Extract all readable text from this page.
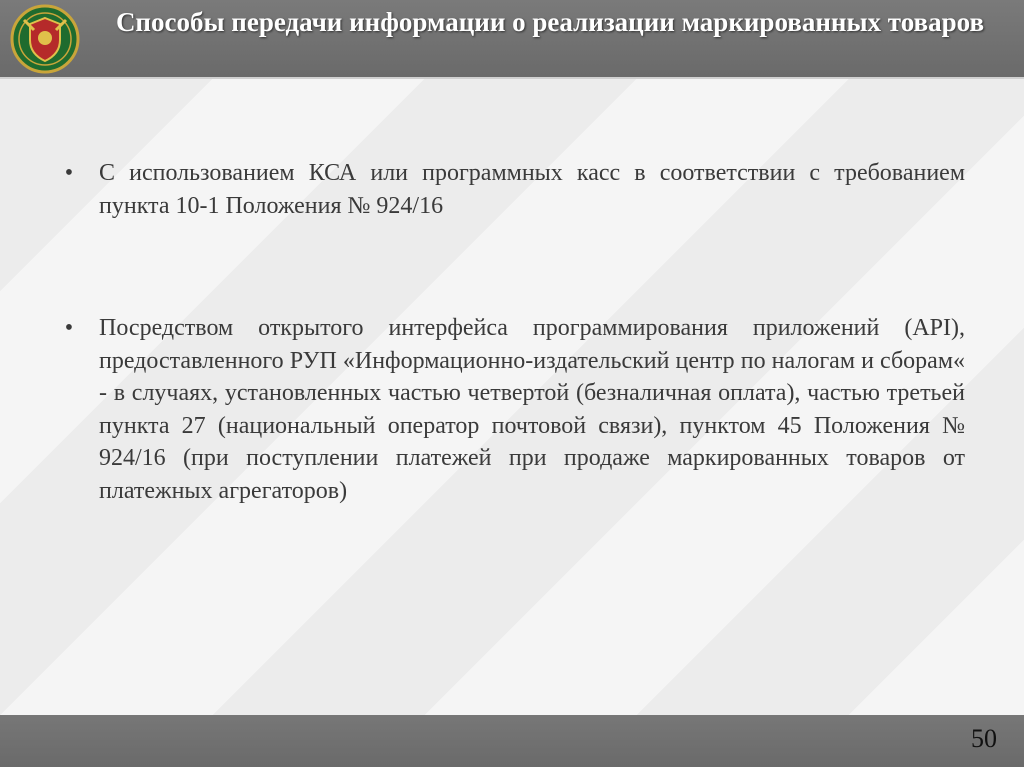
Способы передачи информации о реализации маркированных товаров
• С использованием КСА или программных касс в соответствии с требованием пункта 10-1 Положения № 924/16
• Посредством открытого интерфейса программирования приложений (API), предоставленного РУП «Информационно-издательский центр по налогам и сборам« - в случаях, установленных частью четвертой (безналичная оплата), частью третьей пункта 27 (национальный оператор почтовой связи), пунктом 45 Положения № 924/16 (при поступлении платежей при продаже маркированных товаров от платежных агрегаторов)
50
